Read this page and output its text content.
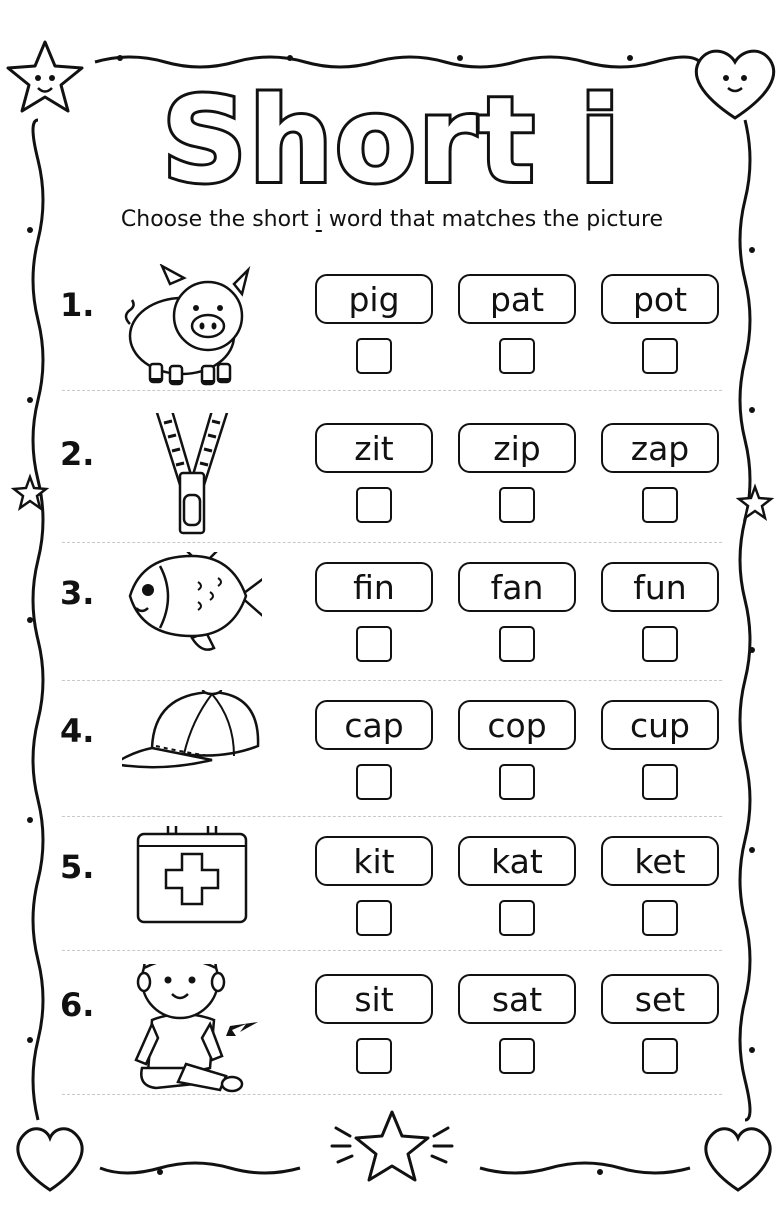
Short i
Choose the short i word that matches the picture
1.	pig	pat	pot
2.	zit	zip	zap
3.	fin	fan	fun
4.	cap	cop	cup
5.	kit	kat	ket
6.	sit	sat	set
